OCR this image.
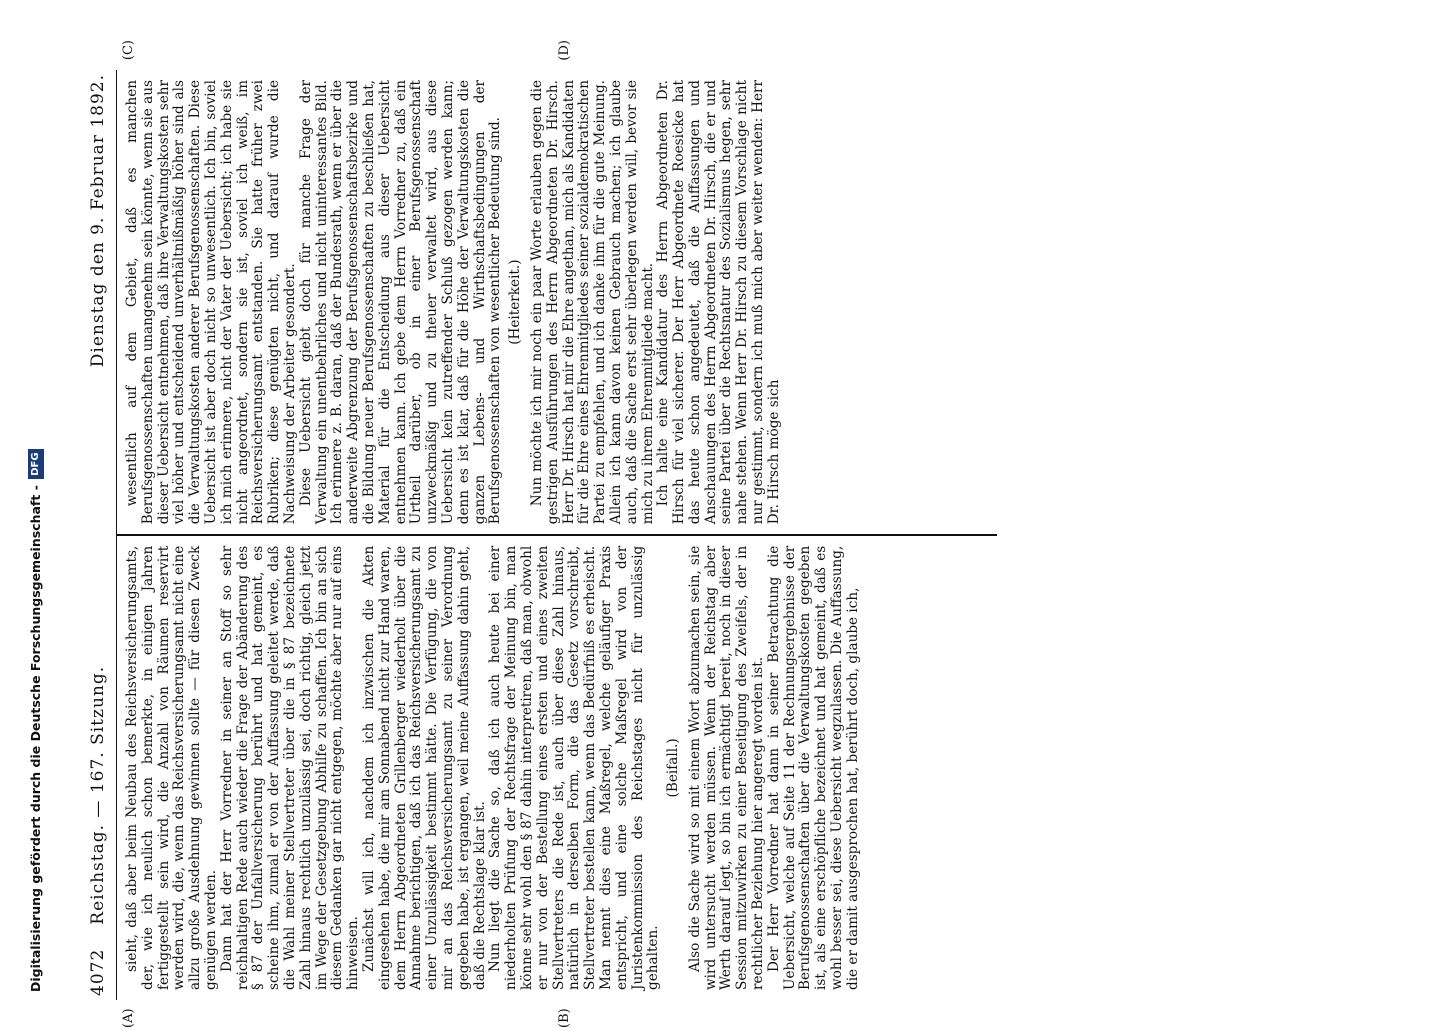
4072
Reichstag. — 167. Sitzung.
Dienstag den 9. Februar 1892.
(A)	(B)

sieht, daß aber beim Neubau des Reichsversicherungsamts, der, wie ich neulich schon bemerkte, in einigen Jahren fertiggestellt sein wird, die Anzahl von Räumen reservirt werden wird, die, wenn das Reichsversicherungsamt nicht eine allzu große Ausdehnung gewinnen sollte — für diesen Zweck genügen werden. Dann hat der Herr Vorredner in seiner an Stoff so sehr reichhaltigen Rede auch wieder die Frage der Abänderung des § 87 der Unfallversicherung berührt und hat gemeint, es scheine ihm, zumal er von der Auffassung geleitet werde, daß die Wahl meiner Stellvertreter über die in § 87 bezeichnete Zahl hinaus rechtlich unzulässig sei, doch richtig, gleich jetzt im Wege der Gesetzgebung Abhilfe zu schaffen. Ich bin an sich diesem Gedanken gar nicht entgegen, möchte aber nur auf eins hinweisen. Zunächst will ich, nachdem ich inzwischen die Akten eingesehen habe, die mir am Sonnabend nicht zur Hand waren, dem Herrn Abgeordneten Grillenberger wiederholt über die Annahme berichtigen, daß ich das Reichsversicherungsamt zu einer Unzulässigkeit bestimmt hätte. Die Verfügung, die von mir an das Reichsversicherungsamt zu seiner Verordnung gegeben habe, ist ergangen, weil meine Auffassung dahin geht, daß die Rechtslage klar ist. Nun liegt die Sache so, daß ich auch heute bei einer niederholten Prüfung der Rechtsfrage der Meinung bin, man könne sehr wohl den § 87 dahin interpretiren, daß man, obwohl er nur von der Bestellung eines ersten und eines zweiten Stellvertreters die Rede ist, auch über diese Zahl hinaus, natürlich in derselben Form, die das Gesetz vorschreibt, Stellvertreter bestellen kann, wenn das Bedürfniß es erheischt. Man nennt dies eine Maßregel, welche geläufiger Praxis entspricht, und eine solche Maßregel wird von der Juristenkommission des Reichstages nicht für unzulässig gehalten.

(Beifall.) Also die Sache wird so mit einem Wort abzumachen sein, sie wird untersucht werden müssen. Wenn der Reichstag aber Werth darauf legt, so bin ich ermächtigt bereit, noch in dieser Session mitzuwirken zu einer Beseitigung des Zweifels, der in rechtlicher Beziehung hier angeregt worden ist. Der Herr Vorredner hat dann in seiner Betrachtung die Uebersicht, welche auf Seite 11 der Rechnungsergebnisse der Berufsgenossenschaften über die Verwaltungskosten gegeben ist, als eine erschöpfliche bezeichnet und hat gemeint, daß es wohl besser sei, diese Uebersicht wegzulassen. Die Auffassung, die er damit ausgesprochen hat, berührt doch, glaube ich,

(C)	(D)

wesentlich auf dem Gebiet, daß es manchen Berufsgenossenschaften unangenehm sein könnte, wenn sie aus dieser Uebersicht entnehmen, daß ihre Verwaltungskosten sehr viel höher und entscheidend unverhältnißmäßig höher sind als die Verwaltungskosten anderer Berufsgenossenschaften. Diese Uebersicht ist aber doch nicht so unwesentlich. Ich bin, soviel ich mich erinnere, nicht der Vater der Uebersicht; ich habe sie nicht angeordnet, sondern sie ist, soviel ich weiß, im Reichsversicherungsamt entstanden. Sie hatte früher zwei Rubriken; diese genügten nicht, und darauf wurde die Nachweisung der Arbeiter gesondert. Diese Uebersicht giebt doch für manche Frage der Verwaltung ein unentbehrliches und nicht uninteressantes Bild. Ich erinnere z. B. daran, daß der Bundesrath, wenn er über die anderweite Abgrenzung der Berufsgenossenschaftsbezirke und die Bildung neuer Berufsgenossenschaften zu beschließen hat, Material für die Entscheidung aus dieser Uebersicht entnehmen kann. Ich gebe dem Herrn Vorredner zu, daß ein Urtheil darüber, ob in einer Berufsgenossenschaft unzweckmäßig und zu theuer verwaltet wird, aus diese Uebersicht kein zutreffender Schluß gezogen werden kann; denn es ist klar, daß für die Höhe der Verwaltungskosten die ganzen Lebens- und Wirthschaftsbedingungen der Berufsgenossenschaften von wesentlicher Bedeutung sind. (Heiterkeit.) Nun möchte ich mir noch ein paar Worte erlauben gegen die gestrigen Ausführungen des Herrn Abgeordneten Dr. Hirsch. Herr Dr. Hirsch hat mir die Ehre angethan, mich als Kandidaten für die Ehre eines Ehrenmitgliedes seiner sozialdemokratischen Partei zu empfehlen, und ich danke ihm für die gute Meinung. Allein ich kann davon keinen Gebrauch machen; ich glaube auch, daß die Sache erst sehr überlegen werden will, bevor sie mich zu ihrem Ehrenmitgliede macht. Ich halte eine Kandidatur des Herrn Abgeordneten Dr. Hirsch für viel sicherer. Der Herr Abgeordnete Roesicke hat das heute schon angedeutet, daß die Auffassungen und Anschauungen des Herrn Abgeordneten Dr. Hirsch, die er und seine Partei über die Rechtsnatur des Sozialismus hegen, sehr nahe stehen. Wenn Herr Dr. Hirsch zu diesem Vorschlage nicht nur gestimmt, sondern ich muß mich aber weiter wenden: Herr Dr. Hirsch möge sich

Digitalisierung gefördert durch die Deutsche Forschungsgemeinschaft -
DFG
